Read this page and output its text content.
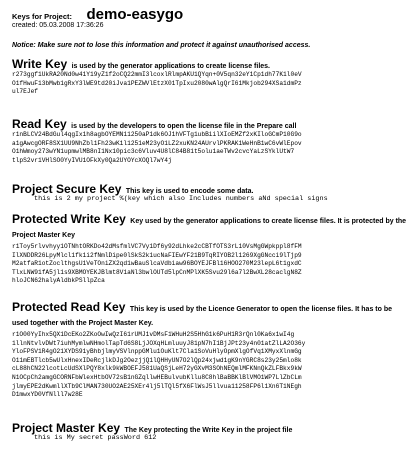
Keys for Project: demo-easygo
created: 05.03.2008 17:36:26
Notice: Make sure not to lose this information and protect it against unauthorised access.
Write Key is used by the generator applications to create license files.
r273ggf1UkRA20Nd0w41Y19yZ1f2oCQ22mmI3lcoxlRlmpAKU1QYqn+0V5qn32eY1Cp1dh77K1l0eV
O1fHwuF13bMwb1gRxY3lWE9td20iJva1PEZWVlEtzX01TpIxu2080wAlgQrI61Mkjob294XSa1dmPz
ul7EJef
Read Key is used by the developers to open the license file in the Prepare call
r1nBLCV24BdGul4qgIx1h8agbOYEMN11250aP1dk6OJ1hVFTg1ubBiilXIoEMZf2xKIloGCmP10G9o
a1gAwcgORF8SX1UU9NhZbl1Fh23wK1l1251eM23yO1LZ2xuKN24AUrvlPKRAK1WeHnB1wC6vWlEpov
O1hWmoy273wYN1upmwlMB8nI1Nx10pic3c6Vluv4U8lC84B81t5olu1aeTWv2cvcYaLzSYklUtW7
tlpS2vr1VHlSO0YyIVU1OFkXy0Qa2UYOYcXOQl7wY4j
Project Secure Key This key is used to encode some data.
this is 2 my project %(key which also Includes numbers aNd special signs
Protected Write Key Key used by the generator applications to create license files. It is protected by the Project Master Key
r1Toy5rlvvhyy1OTNhtORKDo42dMsfmlVC7Vy1Df6y92dLhke2cCBTfOTS3rL10VsMgGWpkppl8fFM
IlXNDDR26LpyMlcl1fk1i2fNmlDipe0lSkS2k1ucNaFIEwYF21B9TqRIYOB2l1269XgGNcci9lTjp9
M2atfaR1otZoclthgsU1VeTOniZX2qd1wBauSlcaVdbiaw96BOYEJFBl16HOO270M23lepL6t1gxdC
TlxLNW91fA5jl1s9XBMOYEKJBlmt8V1aNl3bwlOUTd5lpCnMPlXK5Svu29l6a7l2BwXL28caclgN8Z
hloJCN62halyAldbkPSllpZca
Protected Read Key This key is used by the Licence Generator to open the license files. It has to be used together with the Project Master Key.
r1O00YyIhx5QX1DcEKo2ZKoOwIwQzI61rUMJ1vDMsF1WHuH2S5HhG1k6PuH1R3rQnl0Ka6x1wI4g
1llnNtvlvDWt7iuhMymlwNHmolTapTd6S8LjJOXqHLmluuyJ81pN7hI1BjJPt23y4n01atZlLA2O36y
YloFPSV1R4gO21XYDS91yBhbjlmyVSVlnppGMlu1OuKlt7Cla1SoVuHlyOpmXlgOfVq1XMyxXlnmGg
O11mEBTlcb5wUlxHnexIDeRcjlkDJg2OezjjQ1lQHHyUN7O2lQp24xjwd1gK9nYGRC8s23y25mlo8k
cL88hCN22lcotLcUdSXlPQY8xlk9kWBOEFJ581UaQSjLeH72yGXvM3SOhNEQmlMFKNnQkZLFBkx9kW
N1OCpCh2amgGCORNFbWlexHtbOV72sB1nGZqllwHEBulvubKllu8C8hlBaBBKlBlVMO1WP7LlZbCLm
jlmyEPE2dKwmllXTb9ClMAN730UO2AE25XEr4lj5lTQl5fX6FlWsJ5llvua11258FP6l1Xn6T1NEgh
D1mwxYD0VfNlll7w28E
Project Master Key The Key protecting the Write Key in the project file
this is My secret passWord 612
